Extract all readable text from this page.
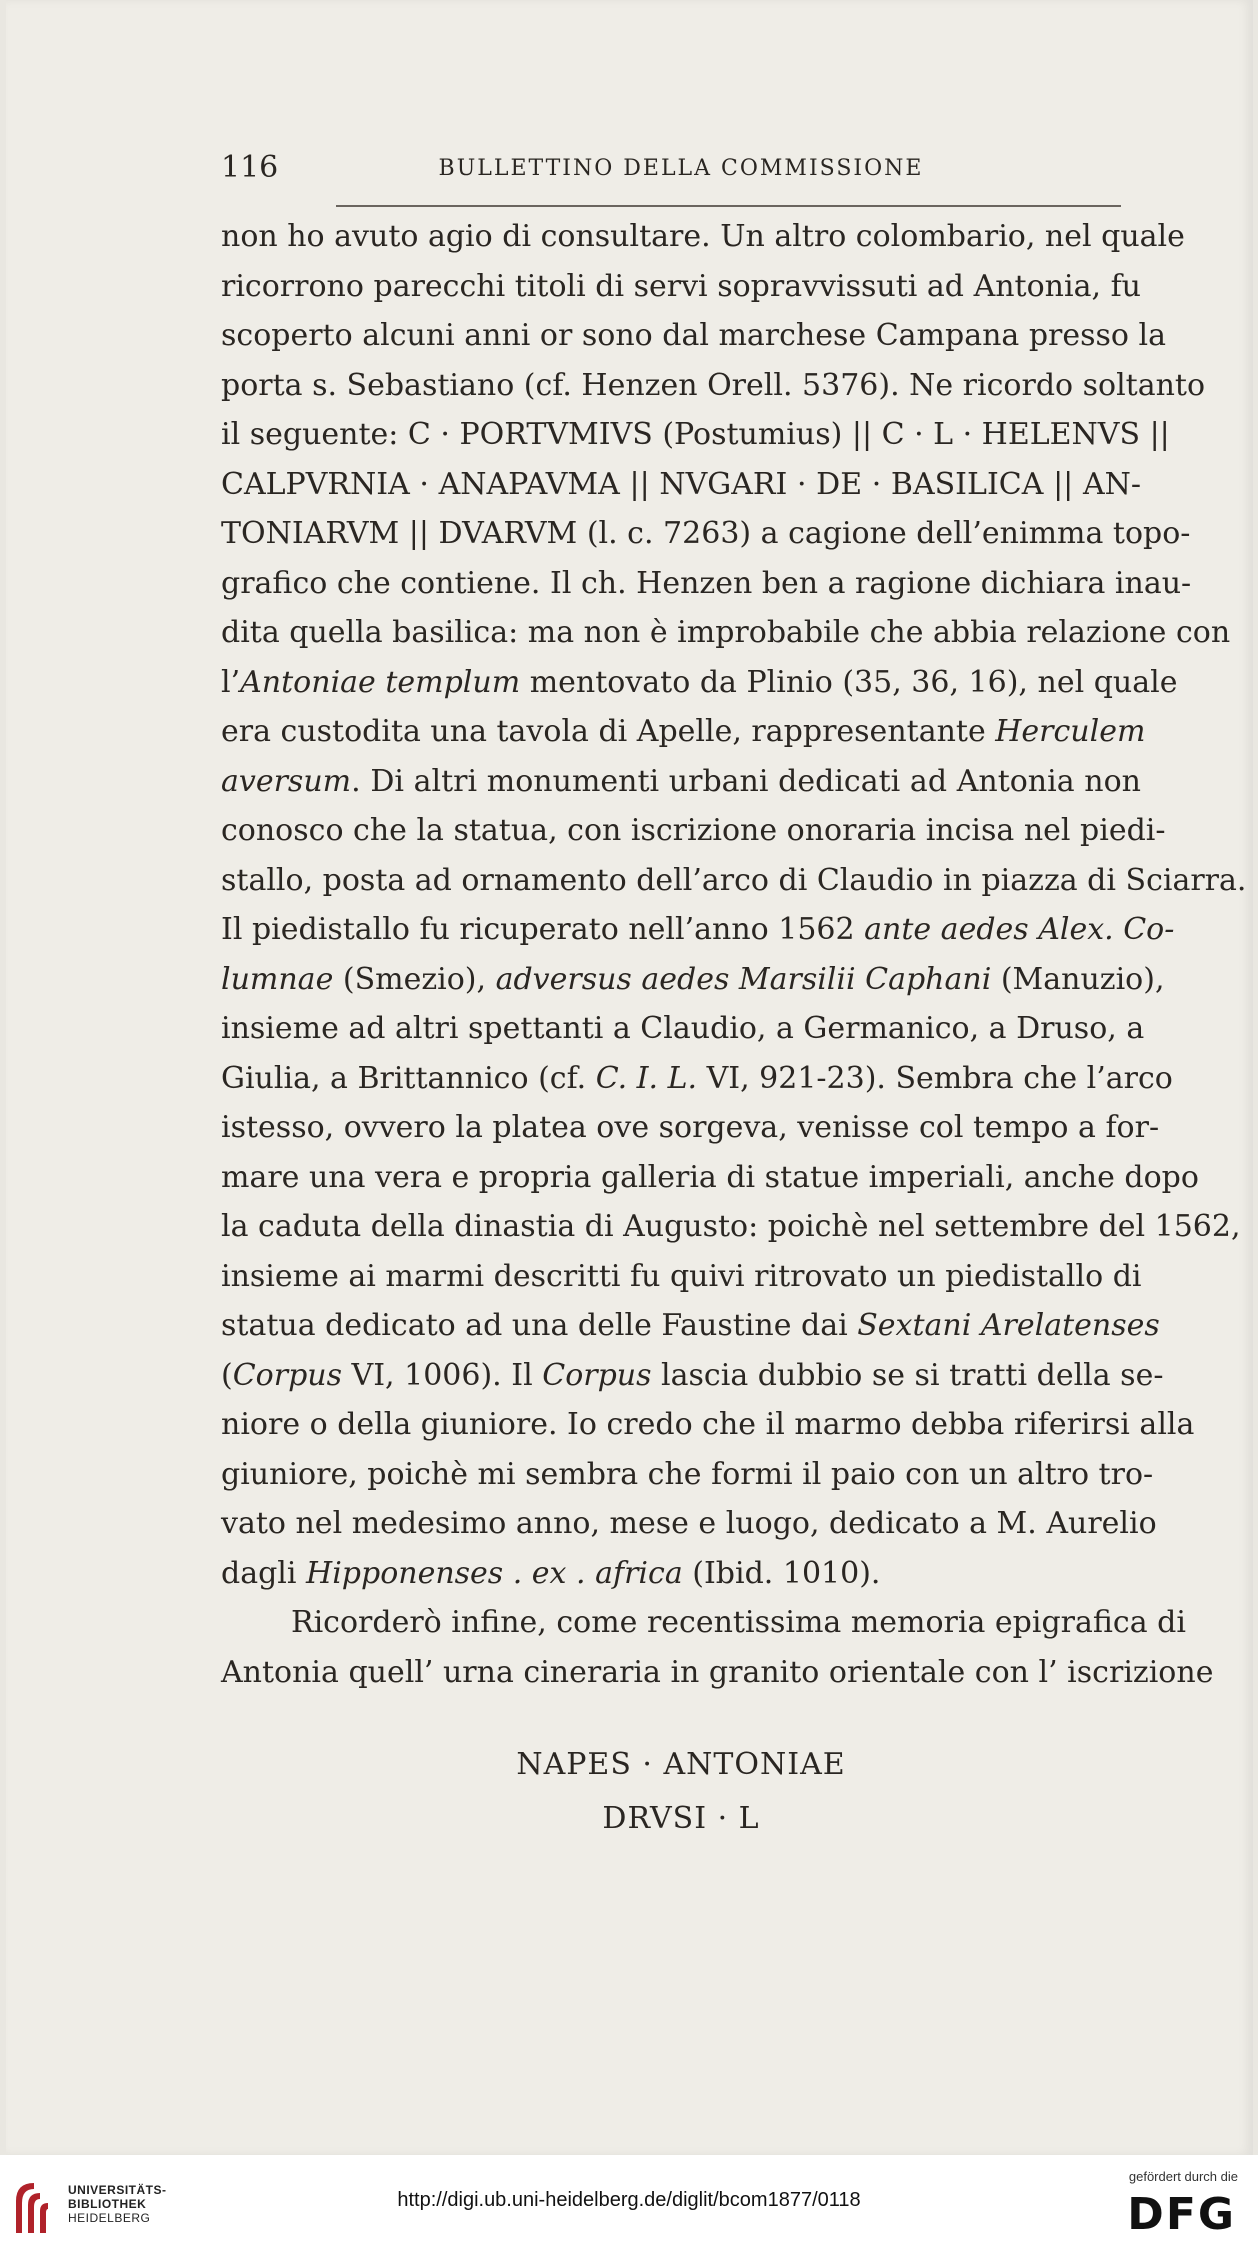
116	BULLETTINO DELLA COMMISSIONE
non ho avuto agio di consultare. Un altro colombario, nel quale
ricorrono parecchi titoli di servi sopravvissuti ad Antonia, fu
scoperto alcuni anni or sono dal marchese Campana presso la
porta s. Sebastiano (cf. Henzen Orell. 5376). Ne ricordo soltanto
il seguente: C · PORTVMIVS (Postumius) || C · L · HELENVS ||
CALPVRNIA · ANAPAVMA || NVGARI · DE · BASILICA || AN-
TONIARVM || DVARVM (l. c. 7263) a cagione dell’enimma topo-
grafico che contiene. Il ch. Henzen ben a ragione dichiara inau-
dita quella basilica: ma non è improbabile che abbia relazione con
l’Antoniae templum mentovato da Plinio (35, 36, 16), nel quale
era custodita una tavola di Apelle, rappresentante Herculem
aversum. Di altri monumenti urbani dedicati ad Antonia non
conosco che la statua, con iscrizione onoraria incisa nel piedi-
stallo, posta ad ornamento dell’arco di Claudio in piazza di Sciarra.
Il piedistallo fu ricuperato nell’anno 1562 ante aedes Alex. Co-
lumnae (Smezio), adversus aedes Marsilii Caphani (Manuzio),
insieme ad altri spettanti a Claudio, a Germanico, a Druso, a
Giulia, a Brittannico (cf. C. I. L. VI, 921-23). Sembra che l’arco
istesso, ovvero la platea ove sorgeva, venisse col tempo a for-
mare una vera e propria galleria di statue imperiali, anche dopo
la caduta della dinastia di Augusto: poichè nel settembre del 1562,
insieme ai marmi descritti fu quivi ritrovato un piedistallo di
statua dedicato ad una delle Faustine dai Sextani Arelatenses
(Corpus VI, 1006). Il Corpus lascia dubbio se si tratti della se-
niore o della giuniore. Io credo che il marmo debba riferirsi alla
giuniore, poichè mi sembra che formi il paio con un altro tro-
vato nel medesimo anno, mese e luogo, dedicato a M. Aurelio
dagli Hipponenses . ex . africa (Ibid. 1010).
Ricorderò infine, come recentissima memoria epigrafica di
Antonia quell’ urna cineraria in granito orientale con l’ iscrizione
NAPES · ANTONIAE
DRVSI · L
UNIVERSITÄTS-
BIBLIOTHEK
HEIDELBERG
http://digi.ub.uni-heidelberg.de/diglit/bcom1877/0118
gefördert durch die
DFG
